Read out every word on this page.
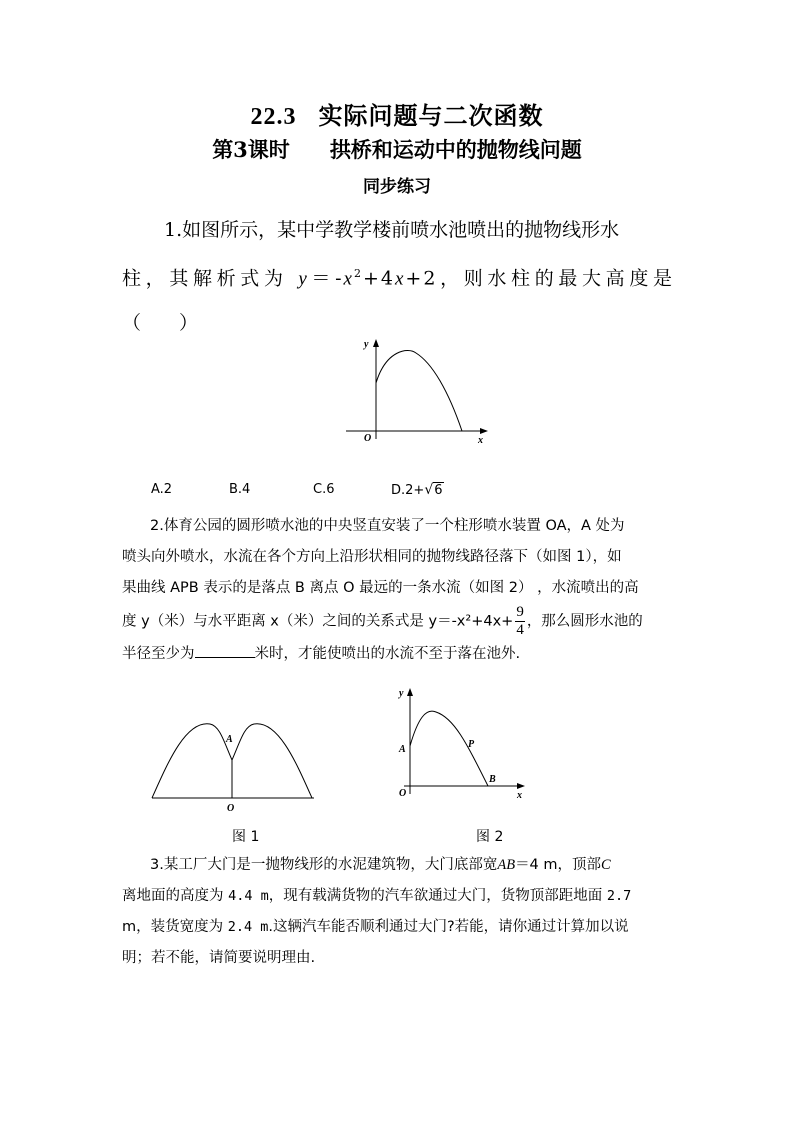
22.3 实际问题与二次函数
第3课时 拱桥和运动中的抛物线问题
同步练习
1.如图所示，某中学教学楼前喷水池喷出的抛物线形水
柱，其解析式为 $y=-x^2+4x+2$，则水柱的最大高度是
（　　）
y
x
O
A.2	B.4	C.6	D.2+√6

2.体育公园的圆形喷水池的中央竖直安装了一个柱形喷水装置 OA，A 处为

喷头向外喷水，水流在各个方向上沿形状相同的抛物线路径落下（如图 1），如

果曲线 APB 表示的是落点 B 离点 O 最远的一条水流（如图 2） ，水流喷出的高

度 y（米）与水平距离 x（米）之间的关系式是 $y=-x^2+4x+ \frac{9}{4}$ ，那么圆形水池的

半径至少为	米时，才能使喷出的水流不至于落在池外.

A
O
y
x
A	P
B
O
图 1	图 2

3.某工厂大门是一抛物线形的水泥建筑物，大门底部宽AB＝4 m，顶部C

离地面的高度为 4.4 m，现有载满货物的汽车欲通过大门，货物顶部距地面 2.7

m，装货宽度为 2.4 m.这辆汽车能否顺利通过大门?若能，请你通过计算加以说

明；若不能，请简要说明理由.
